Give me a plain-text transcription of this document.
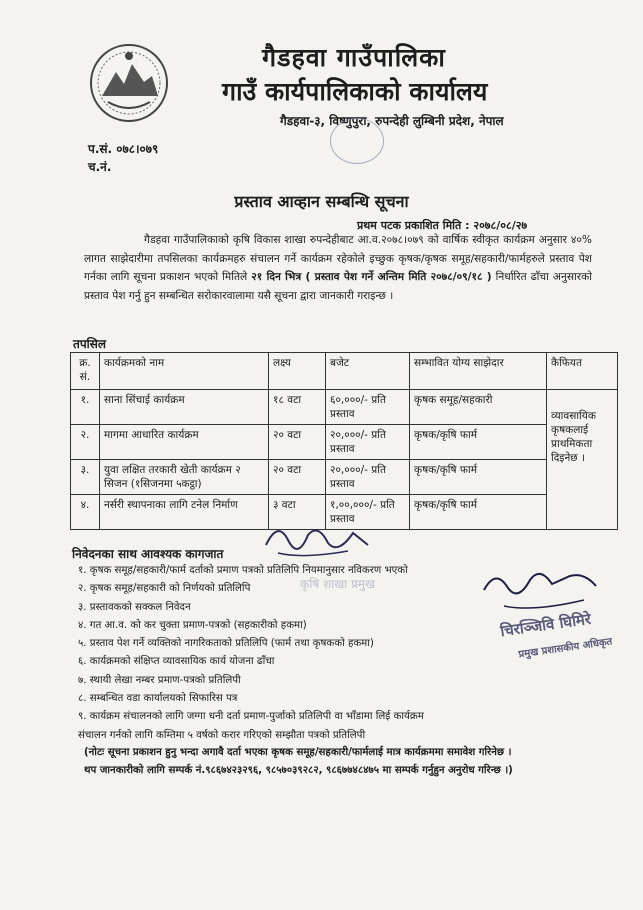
गैडहवा गाउँपालिका
गाउँ कार्यपालिकाको कार्यालय
गैडहवा-३, विष्णुपुरा, रुपन्देही लुम्बिनी प्रदेश, नेपाल
प.सं. ०७८।०७९
च.नं.
प्रस्ताव आव्हान सम्बन्धि सूचना
प्रथम पटक प्रकाशित मिति : २०७८/०८/२७

गैडहवा गाउँपालिकाको कृषि विकास शाखा रुपन्देहीबाट आ.व.२०७८।०७९ को वार्षिक स्वीकृत कार्यक्रम अनुसार ४०% लागत साझेदारीमा तपसिलका कार्यक्रमहरु संचालन गर्ने कार्यक्रम रहेकोले इच्छुक कृषक/कृषक समूह/सहकारी/फार्महरुले प्रस्ताव पेश गर्नका लागि सूचना प्रकाशन भएको मितिले २१ दिन भित्र ( प्रस्ताव पेश गर्ने अन्तिम मिति २०७८/०९/१८ ) निर्धारित ढाँचा अनुसारको प्रस्ताव पेश गर्नु हुन सम्बन्धित सरोकारवालामा यसै सूचना द्वारा जानकारी गराइन्छ ।

तपसिल
क्र. सं.	कार्यक्रमको नाम	लक्ष्य	बजेट	सम्भावित योग्य साझेदार	कैफियत
१.	साना सिंचाई कार्यक्रम	१८ वटा	६०,०००/- प्रति प्रस्ताव	कृषक समूह/सहकारी	व्यावसायिक कृषकलाई प्राथमिकता दिइनेछ ।

२.	मागमा आधारित कार्यक्रम	२० वटा	२०,०००/- प्रति प्रस्ताव	कृषक/कृषि फार्म	
३.	युवा लक्षित तरकारी खेती कार्यक्रम २ सिजन (१सिजनमा ५कट्ठा)	२० वटा	२०,०००/- प्रति प्रस्ताव	कृषक/कृषि फार्म	
४.	नर्सरी स्थापनाका लागि टनेल निर्माण	३ वटा	१,००,०००/- प्रति प्रस्ताव	कृषक/कृषि फार्म	
निवेदनका साथ आवश्यक कागजात
१. कृषक समूह/सहकारी/फार्म दर्ताको प्रमाण पत्रको प्रतिलिपि नियमानुसार नविकरण भएको
२. कृषक समूह/सहकारी को निर्णयको प्रतिलिपि
३. प्रस्तावकको सक्कल निवेदन
४. गत आ.व. को कर चुक्ता प्रमाण-पत्रको (सहकारीको हकमा)
५. प्रस्ताव पेश गर्ने व्यक्तिको नागरिकताको प्रतिलिपि (फार्म तथा कृषकको हकमा)
६. कार्यक्रमको संक्षिप्त व्यावसायिक कार्य योजना ढाँचा
७. स्थायी लेखा नम्बर प्रमाण-पत्रको प्रतिलिपी
८. सम्बन्धित वडा कार्यालयको सिफारिस पत्र
९. कार्यक्रम संचालनको लागि जग्गा धनी दर्ता प्रमाण-पुर्जाको प्रतिलिपी वा भाँडामा लिई कार्यक्रम
संचालन गर्नको लागि कम्तिमा ५ वर्षको करार गरिएको सम्झौता पत्रको प्रतिलिपी
कृषि शाखा प्रमुख
(नोटः सूचना प्रकाशन हुनु भन्दा अगावै दर्ता भएका कृषक समूह/सहकारी/फार्मलाई मात्र कार्यक्रममा समावेश गरिनेछ ।
थप जानकारीको लागि सम्पर्क नं.९८६७४२३२९६, ९८५७०३९२८२, ९८६७७४८४७५ मा सम्पर्क गर्नुहुन अनुरोध गरिन्छ ।)
चिरञ्जिवि घिमिरे
प्रमुख प्रशासकीय अधिकृत
